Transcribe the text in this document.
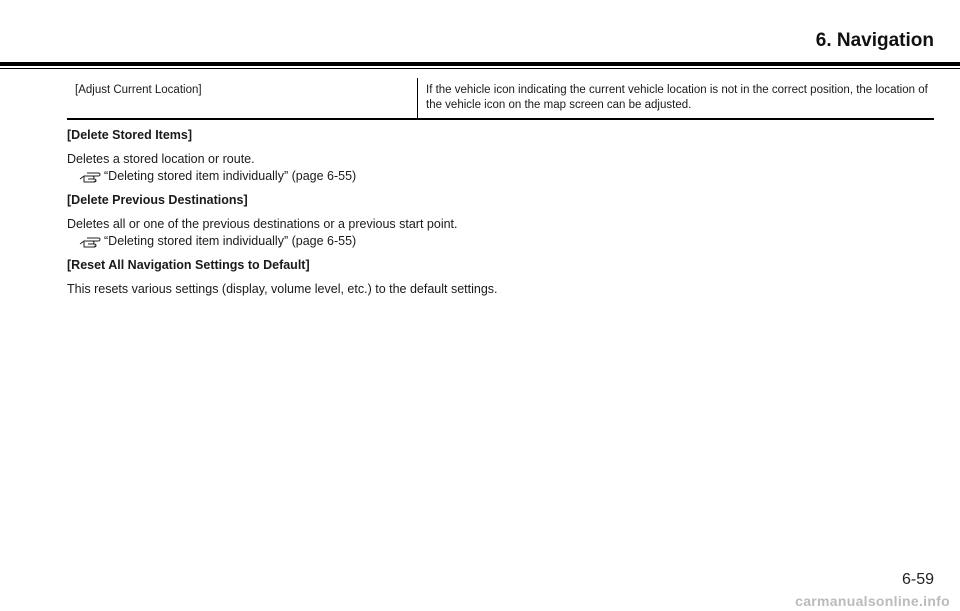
6. Navigation
[Adjust Current Location]	If the vehicle icon indicating the current vehicle location is not in the correct position, the location of the vehicle icon on the map screen can be adjusted.

[Delete Stored Items]

Deletes a stored location or route.

“Deleting stored item individually” (page 6-55)

[Delete Previous Destinations]

Deletes all or one of the previous destinations or a previous start point.

“Deleting stored item individually” (page 6-55)

[Reset All Navigation Settings to Default]

This resets various settings (display, volume level, etc.) to the default settings.

6-59
carmanualsonline.info
